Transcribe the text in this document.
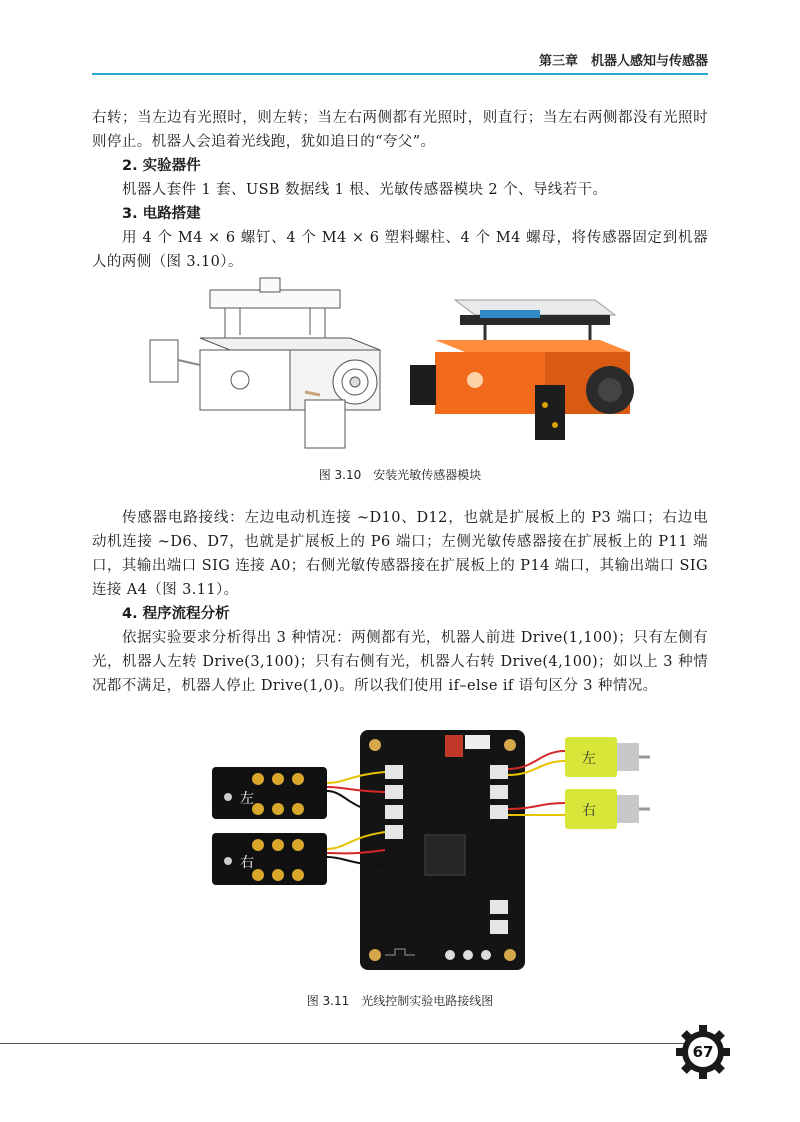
第三章　机器人感知与传感器
右转；当左边有光照时，则左转；当左右两侧都有光照时，则直行；当左右两侧都没有光照时则停止。机器人会追着光线跑，犹如追日的“夸父”。
2. 实验器件
机器人套件 1 套、USB 数据线 1 根、光敏传感器模块 2 个、导线若干。
3. 电路搭建
用 4 个 M4 × 6 螺钉、4 个 M4 × 6 塑料螺柱、4 个 M4 螺母，将传感器固定到机器人的两侧（图 3.10）。
图 3.10　安装光敏传感器模块
传感器电路接线：左边电动机连接 ~D10、D12，也就是扩展板上的 P3 端口；右边电动机连接 ~D6、D7，也就是扩展板上的 P6 端口；左侧光敏传感器接在扩展板上的 P11 端口，其输出端口 SIG 连接 A0；右侧光敏传感器接在扩展板上的 P14 端口，其输出端口 SIG 连接 A4（图 3.11）。
4. 程序流程分析
依据实验要求分析得出 3 种情况：两侧都有光，机器人前进 Drive(1,100)；只有左侧有光，机器人左转 Drive(3,100)；只有右侧有光，机器人右转 Drive(4,100)；如以上 3 种情况都不满足，机器人停止 Drive(1,0)。所以我们使用 if–else if 语句区分 3 种情况。
左
右
左
右
图 3.11　光线控制实验电路接线图
67
